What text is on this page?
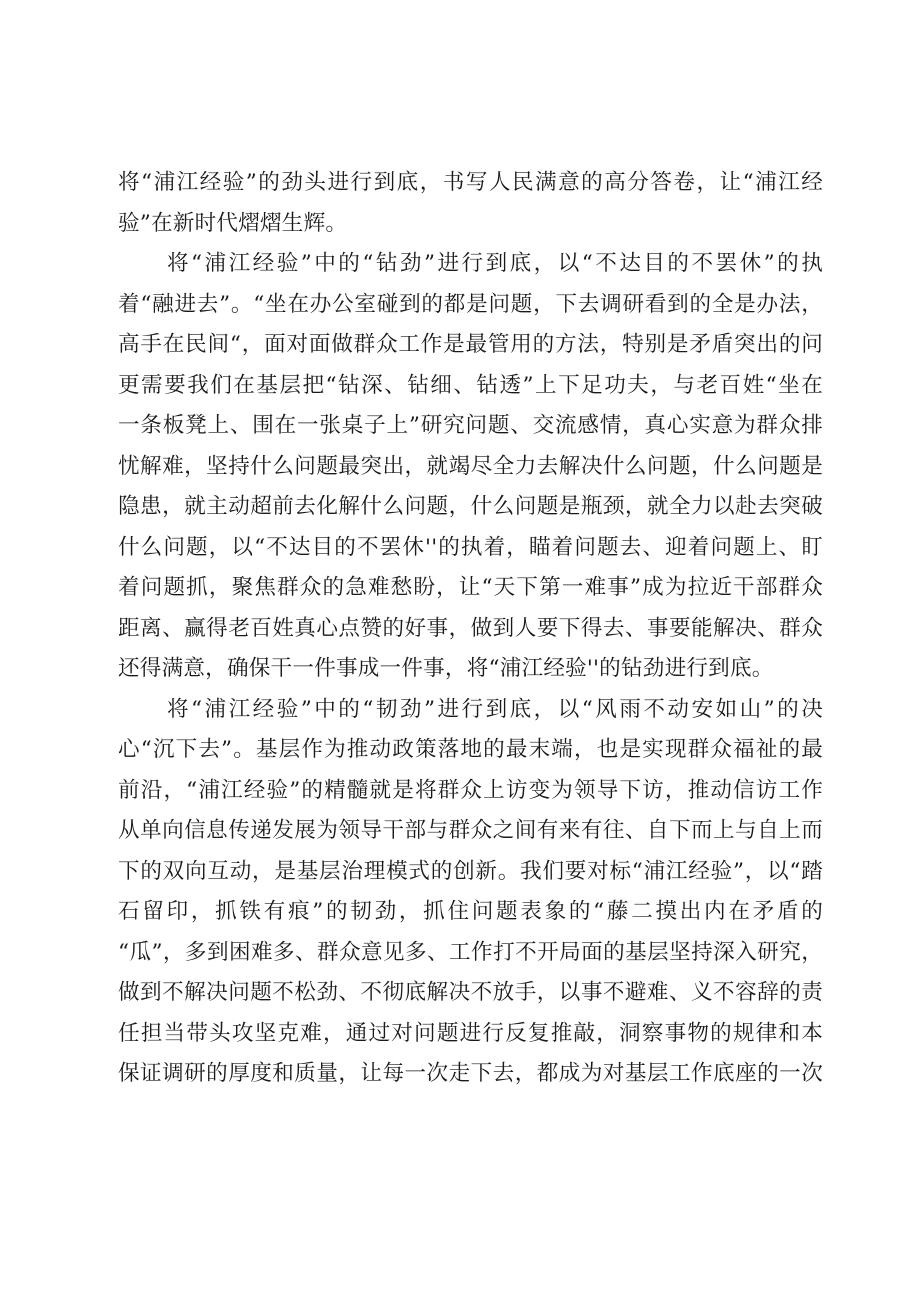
将“浦江经验”的劲头进行到底，书写人民满意的高分答卷，让“浦江经
验”在新时代熠熠生辉。
将“浦江经验”中的“钻劲”进行到底，以“不达目的不罢休”的执
着“融进去”。“坐在办公室碰到的都是问题，下去调研看到的全是办法，
高手在民间“，面对面做群众工作是最管用的方法，特别是矛盾突出的问
更需要我们在基层把“钻深、钻细、钻透”上下足功夫，与老百姓“坐在
一条板凳上、围在一张桌子上”研究问题、交流感情，真心实意为群众排
忧解难，坚持什么问题最突出，就竭尽全力去解决什么问题，什么问题是
隐患，就主动超前去化解什么问题，什么问题是瓶颈，就全力以赴去突破
什么问题，以“不达目的不罢休''的执着，瞄着问题去、迎着问题上、盯
着问题抓，聚焦群众的急难愁盼，让“天下第一难事”成为拉近干部群众
距离、赢得老百姓真心点赞的好事，做到人要下得去、事要能解决、群众
还得满意，确保干一件事成一件事，将“浦江经验''的钻劲进行到底。
将“浦江经验”中的“韧劲”进行到底，以“风雨不动安如山”的决
心“沉下去”。基层作为推动政策落地的最末端，也是实现群众福祉的最
前沿，“浦江经验”的精髓就是将群众上访变为领导下访，推动信访工作
从单向信息传递发展为领导干部与群众之间有来有往、自下而上与自上而
下的双向互动，是基层治理模式的创新。我们要对标“浦江经验”，以“踏
石留印，抓铁有痕”的韧劲，抓住问题表象的“藤二摸出内在矛盾的
“瓜”，多到困难多、群众意见多、工作打不开局面的基层坚持深入研究，
做到不解决问题不松劲、不彻底解决不放手，以事不避难、义不容辞的责
任担当带头攻坚克难，通过对问题进行反复推敲，洞察事物的规律和本
保证调研的厚度和质量，让每一次走下去，都成为对基层工作底座的一次
